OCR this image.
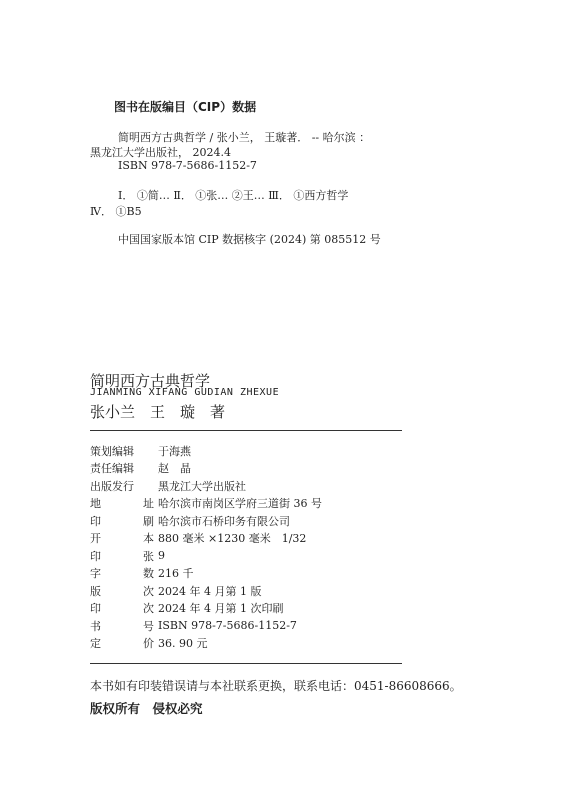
图书在版编目（CIP）数据
简明西方古典哲学 / 张小兰， 王璇著． -- 哈尔滨 ：
黑龙江大学出版社， 2024.4
ISBN 978-7-5686-1152-7
Ⅰ． ①简… Ⅱ． ①张… ②王… Ⅲ． ①西方哲学
Ⅳ． ①B5
中国国家版本馆 CIP 数据核字 (2024) 第 085512 号
简明西方古典哲学
JIANMING XIFANG GUDIAN ZHEXUE
张小兰　王　璇　著
策划编辑 于海燕
责任编辑 赵　晶
出版发行 黑龙江大学出版社
地	址 哈尔滨市南岗区学府三道街 36 号
印	刷 哈尔滨市石桥印务有限公司
开	本 880 毫米 ×1230 毫米　1/32
印	张 9
字	数 216 千
版	次 2024 年 4 月第 1 版
印	次 2024 年 4 月第 1 次印刷
书	号 ISBN 978-7-5686-1152-7
定	价 36. 90 元
本书如有印装错误请与本社联系更换，联系电话：0451-86608666。
版权所有　侵权必究
